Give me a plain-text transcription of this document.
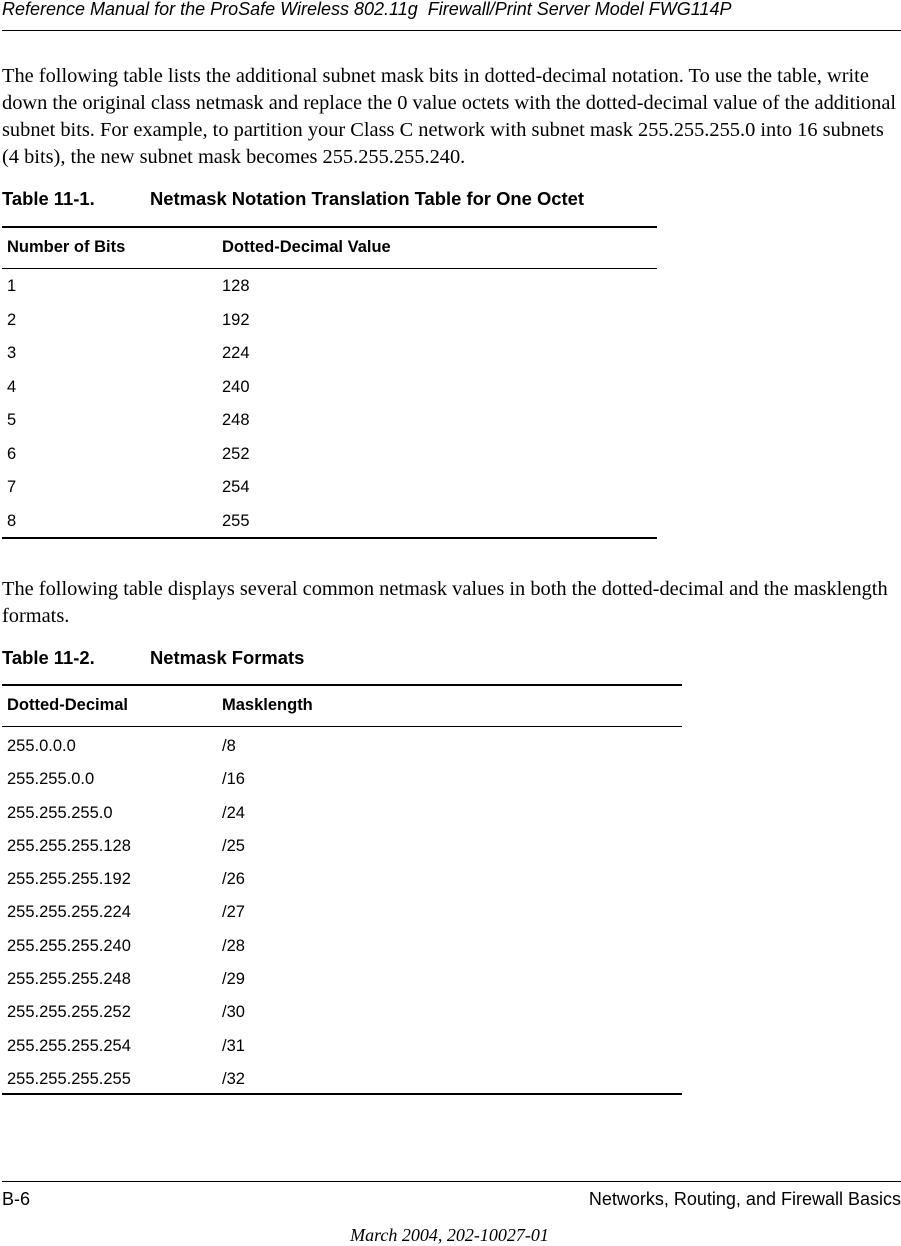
Reference Manual for the ProSafe Wireless 802.11g  Firewall/Print Server Model FWG114P

The following table lists the additional subnet mask bits in dotted-decimal notation. To use the table, write down the original class netmask and replace the 0 value octets with the dotted-decimal value of the additional subnet bits. For example, to partition your Class C network with subnet mask 255.255.255.0 into 16 subnets (4 bits), the new subnet mask becomes 255.255.255.240.

Table 11-1.	Netmask Notation Translation Table for One Octet
Number of Bits	Dotted-Decimal Value
1	128
2	192
3	224
4	240
5	248
6	252
7	254
8	255

The following table displays several common netmask values in both the dotted-decimal and the masklength formats.

Table 11-2.	Netmask Formats
Dotted-Decimal	Masklength
255.0.0.0	/8
255.255.0.0	/16
255.255.255.0	/24
255.255.255.128	/25
255.255.255.192	/26
255.255.255.224	/27
255.255.255.240	/28
255.255.255.248	/29
255.255.255.252	/30
255.255.255.254	/31
255.255.255.255	/32
B-6	Networks, Routing, and Firewall Basics
March 2004, 202-10027-01
